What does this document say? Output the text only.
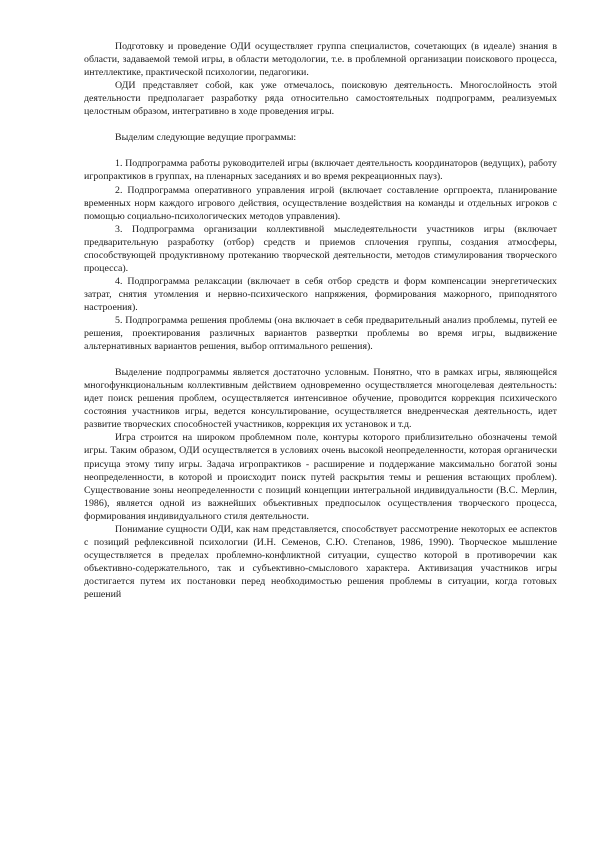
Подготовку и проведение ОДИ осуществляет группа специалистов, сочетающих (в идеале) знания в области, задаваемой темой игры, в области методологии, т.е. в проблемной организации поискового процесса, интеллектике, практической психологии, педагогики.

ОДИ представляет собой, как уже отмечалось, поисковую деятельность. Многослойность этой деятельности предполагает разработку ряда относительно самостоятельных подпрограмм, реализуемых целостным образом, интегративно в ходе проведения игры.

Выделим следующие ведущие программы:

1. Подпрограмма работы руководителей игры (включает деятельность координаторов (ведущих), работу игропрактиков в группах, на пленарных заседаниях и во время рекреационных пауз).

2. Подпрограмма оперативного управления игрой (включает составление оргпроекта, планирование временных норм каждого игрового действия, осуществление воздействия на команды и отдельных игроков с помощью социально-психологических методов управления).

3. Подпрограмма организации коллективной мыследеятельности участников игры (включает предварительную разработку (отбор) средств и приемов сплочения группы, создания атмосферы, способствующей продуктивному протеканию творческой деятельности, методов стимулирования творческого процесса).

4. Подпрограмма релаксации (включает в себя отбор средств и форм компенсации энергетических затрат, снятия утомления и нервно-психического напряжения, формирования мажорного, приподнятого настроения).

5. Подпрограмма решения проблемы (она включает в себя предварительный анализ проблемы, путей ее решения, проектирования различных вариантов развертки проблемы во время игры, выдвижение альтернативных вариантов решения, выбор оптимального решения).

Выделение подпрограммы является достаточно условным. Понятно, что в рамках игры, являющейся многофункциональным коллективным действием одновременно осуществляется многоцелевая деятельность: идет поиск решения проблем, осуществляется интенсивное обучение, проводится коррекция психического состояния участников игры, ведется консультирование, осуществляется внедренческая деятельность, идет развитие творческих способностей участников, коррекция их установок и т.д.

Игра строится на широком проблемном поле, контуры которого приблизительно обозначены темой игры. Таким образом, ОДИ осуществляется в условиях очень высокой неопределенности, которая органически присуща этому типу игры. Задача игропрактиков - расширение и поддержание максимально богатой зоны неопределенности, в которой и происходит поиск путей раскрытия темы и решения встающих проблем). Существование зоны неопределенности с позиций концепции интегральной индивидуальности (В.С. Мерлин, 1986), является одной из важнейших объективных предпосылок осуществления творческого процесса, формирования индивидуального стиля деятельности.

Понимание сущности ОДИ, как нам представляется, способствует рассмотрение некоторых ее аспектов с позиций рефлексивной психологии (И.Н. Семенов, С.Ю. Степанов, 1986, 1990). Творческое мышление осуществляется в пределах проблемно-конфликтной ситуации, существо которой в противоречии как объективно-содержательного, так и субъективно-смыслового характера. Активизация участников игры достигается путем их постановки перед необходимостью решения проблемы в ситуации, когда готовых решений
